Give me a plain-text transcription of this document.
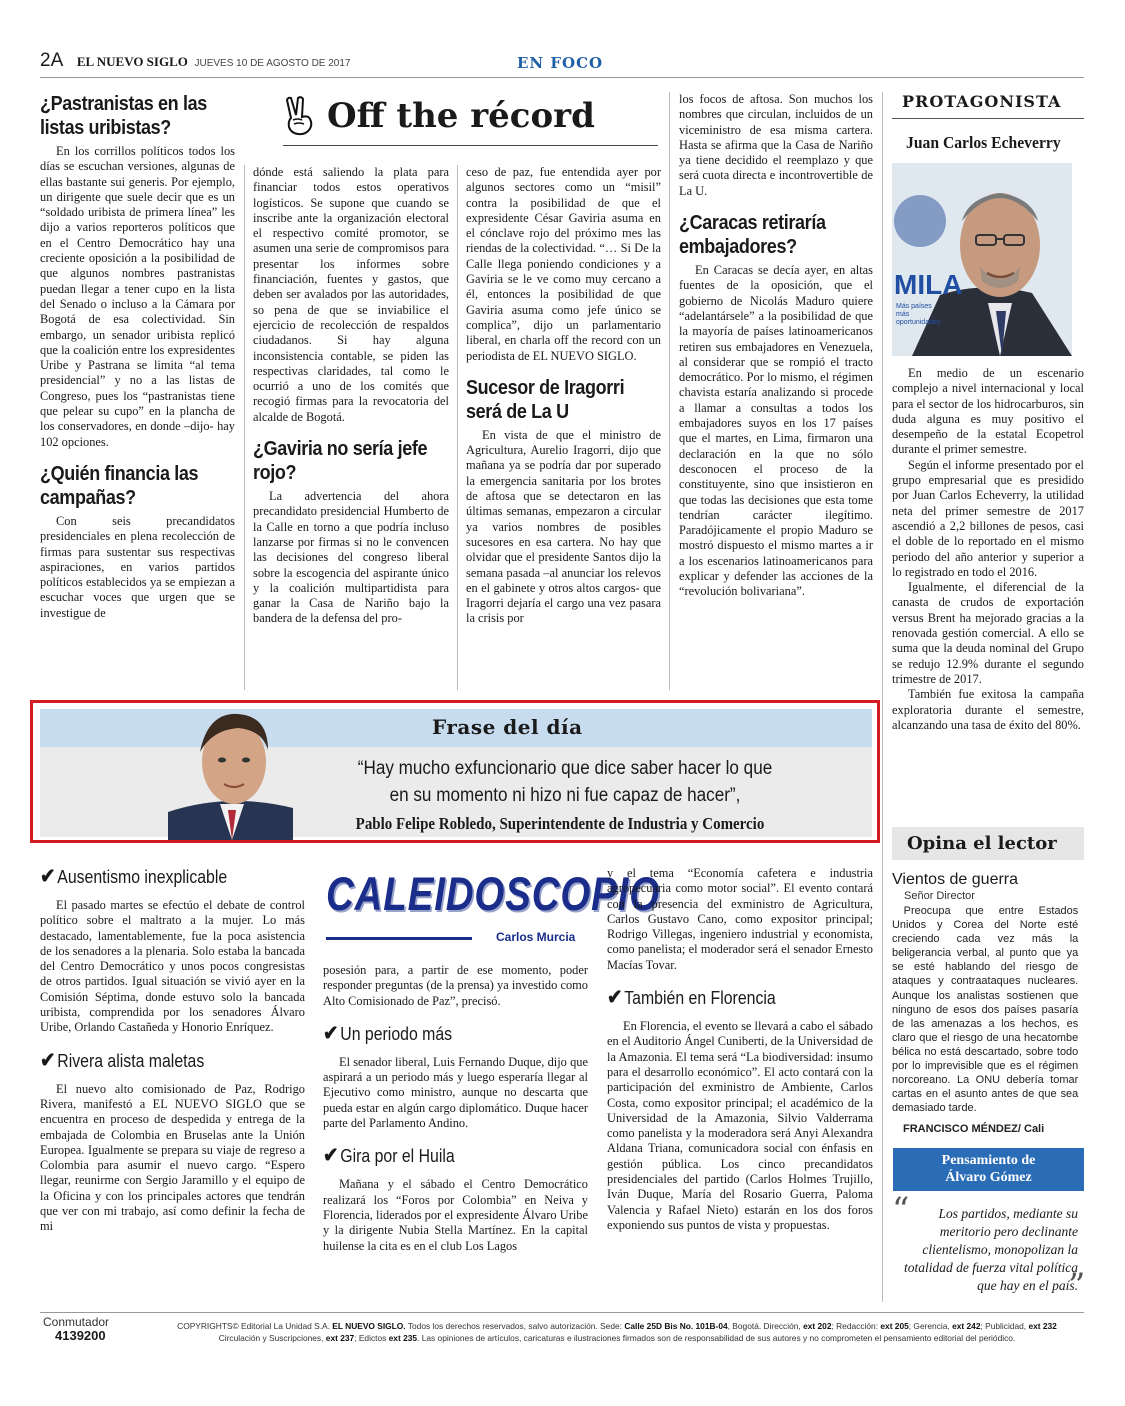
2A EL NUEVO SIGLO JUEVES 10 DE AGOSTO DE 2017	EN FOCO
Off the récord
¿Pastranistas en las listas uribistas?

En los corrillos políticos todos los días se escuchan versiones, algunas de ellas bastante sui generis. Por ejemplo, un dirigente que suele decir que es un “soldado uribista de primera línea” les dijo a varios reporteros políticos que en el Centro Democrático hay una creciente oposición a la posibilidad de que algunos nombres pastranistas puedan llegar a tener cupo en la lista del Senado o incluso a la Cámara por Bogotá de esa colectividad. Sin embargo, un senador uribista replicó que la coalición entre los expresidentes Uribe y Pastrana se limita “al tema presidencial” y no a las listas de Congreso, pues los “pastranistas tiene que pelear su cupo” en la plancha de los conservadores, en donde –dijo- hay 102 opciones.

¿Quién financia las campañas?

Con seis precandidatos presidenciales en plena recolección de firmas para sustentar sus respectivas aspiraciones, en varios partidos políticos establecidos ya se empiezan a escuchar voces que urgen que se investigue de

dónde está saliendo la plata para financiar todos estos operativos logísticos. Se supone que cuando se inscribe ante la organización electoral el respectivo comité promotor, se asumen una serie de compromisos para presentar los informes sobre financiación, fuentes y gastos, que deben ser avalados por las autoridades, so pena de que se inviabilice el ejercicio de recolección de respaldos ciudadanos. Si hay alguna inconsistencia contable, se piden las respectivas claridades, tal como le ocurrió a uno de los comités que recogió firmas para la revocatoria del alcalde de Bogotá.

¿Gaviria no sería jefe rojo?

La advertencia del ahora precandidato presidencial Humberto de la Calle en torno a que podría incluso lanzarse por firmas si no le convencen las decisiones del congreso liberal sobre la escogencia del aspirante único y la coalición multipartidista para ganar la Casa de Nariño bajo la bandera de la defensa del pro-

ceso de paz, fue entendida ayer por algunos sectores como un “misil” contra la posibilidad de que el expresidente César Gaviria asuma en el cónclave rojo del próximo mes las riendas de la colectividad. “… Si De la Calle llega poniendo condiciones y a Gaviria se le ve como muy cercano a él, entonces la posibilidad de que Gaviria asuma como jefe único se complica”, dijo un parlamentario liberal, en charla off the record con un periodista de EL NUEVO SIGLO.

Sucesor de Iragorri será de La U

En vista de que el ministro de Agricultura, Aurelio Iragorri, dijo que mañana ya se podría dar por superado la emergencia sanitaria por los brotes de aftosa que se detectaron en las últimas semanas, empezaron a circular ya varios nombres de posibles sucesores en esa cartera. No hay que olvidar que el presidente Santos dijo la semana pasada –al anunciar los relevos en el gabinete y otros altos cargos- que Iragorri dejaría el cargo una vez pasara la crisis por

los focos de aftosa. Son muchos los nombres que circulan, incluidos de un viceministro de esa misma cartera. Hasta se afirma que la Casa de Nariño ya tiene decidido el reemplazo y que será cuota directa e incontrovertible de La U.

¿Caracas retiraría embajadores?

En Caracas se decía ayer, en altas fuentes de la oposición, que el gobierno de Nicolás Maduro quiere “adelantársele” a la posibilidad de que la mayoría de países latinoamericanos retiren sus embajadores en Venezuela, al considerar que se rompió el tracto democrático. Por lo mismo, el régimen chavista estaría analizando si procede a llamar a consultas a todos los embajadores suyos en los 17 países que el martes, en Lima, firmaron una declaración en la que no sólo desconocen el proceso de la constituyente, sino que insistieron en que todas las decisiones que esta tome tendrían carácter ilegítimo. Paradójicamente el propio Maduro se mostró dispuesto el mismo martes a ir a los escenarios latinoamericanos para explicar y defender las acciones de la “revolución bolivariana”.

PROTAGONISTA
Juan Carlos Echeverry
MILA
Más países más oportunidades

En medio de un escenario complejo a nivel internacional y local para el sector de los hidrocarburos, sin duda alguna es muy positivo el desempeño de la estatal Ecopetrol durante el primer semestre.

Según el informe presentado por el grupo empresarial que es presidido por Juan Carlos Echeverry, la utilidad neta del primer semestre de 2017 ascendió a 2,2 billones de pesos, casi el doble de lo reportado en el mismo periodo del año anterior y superior a lo registrado en todo el 2016.

Igualmente, el diferencial de la canasta de crudos de exportación versus Brent ha mejorado gracias a la renovada gestión comercial. A ello se suma que la deuda nominal del Grupo se redujo 12.9% durante el segundo trimestre de 2017.

También fue exitosa la campaña exploratoria durante el semestre, alcanzando una tasa de éxito del 80%.

Frase del día
“Hay mucho exfuncionario que dice saber hacer lo que
en su momento ni hizo ni fue capaz de hacer”,
Pablo Felipe Robledo, Superintendente de Industria y Comercio
✔Ausentismo inexplicable

El pasado martes se efectúo el debate de control político sobre el maltrato a la mujer. Lo más destacado, lamentablemente, fue la poca asistencia de los senadores a la plenaria. Solo estaba la bancada del Centro Democrático y unos pocos congresistas de otros partidos. Igual situación se vivió ayer en la Comisión Séptima, donde estuvo solo la bancada uribista, comprendida por los senadores Álvaro Uribe, Orlando Castañeda y Honorio Enríquez.

✔Rivera alista maletas

El nuevo alto comisionado de Paz, Rodrigo Rivera, manifestó a EL NUEVO SIGLO que se encuentra en proceso de despedida y entrega de la embajada de Colombia en Bruselas ante la Unión Europea. Igualmente se prepara su viaje de regreso a Colombia para asumir el nuevo cargo. “Espero llegar, reunirme con Sergio Jaramillo y el equipo de la Oficina y con los principales actores que tendrán que ver con mi trabajo, así como definir la fecha de mi

CALEIDOSCOPIO
Carlos Murcia

posesión para, a partir de ese momento, poder responder preguntas (de la prensa) ya investido como Alto Comisionado de Paz”, precisó.

✔Un periodo más

El senador liberal, Luis Fernando Duque, dijo que aspirará a un periodo más y luego esperaría llegar al Ejecutivo como ministro, aunque no descarta que pueda estar en algún cargo diplomático. Duque hacer parte del Parlamento Andino.

✔Gira por el Huila

Mañana y el sábado el Centro Democrático realizará los “Foros por Colombia” en Neiva y Florencia, liderados por el expresidente Álvaro Uribe y la dirigente Nubia Stella Martínez. En la capital huilense la cita es en el club Los Lagos

y el tema “Economía cafetera e industria agropecuaria como motor social”. El evento contará con la presencia del exministro de Agricultura, Carlos Gustavo Cano, como expositor principal; Rodrigo Villegas, ingeniero industrial y economista, como panelista; el moderador será el senador Ernesto Macías Tovar.

✔También en Florencia

En Florencia, el evento se llevará a cabo el sábado en el Auditorio Ángel Cuniberti, de la Universidad de la Amazonia. El tema será “La biodiversidad: insumo para el desarrollo económico”. El acto contará con la participación del exministro de Ambiente, Carlos Costa, como expositor principal; el académico de la Universidad de la Amazonia, Silvio Valderrama como panelista y la moderadora será Anyi Alexandra Aldana Triana, comunicadora social con énfasis en gestión pública. Los cinco precandidatos presidenciales del partido (Carlos Holmes Trujillo, Iván Duque, María del Rosario Guerra, Paloma Valencia y Rafael Nieto) estarán en los dos foros exponiendo sus puntos de vista y propuestas.

Opina el lector
Vientos de guerra
Señor Director

Preocupa que entre Estados Unidos y Corea del Norte esté creciendo cada vez más la beligerancia verbal, al punto que ya se esté hablando del riesgo de ataques y contraataques nucleares. Aunque los analistas sostienen que ninguno de esos dos países pasaría de las amenazas a los hechos, es claro que el riesgo de una hecatombe bélica no está descartado, sobre todo por lo imprevisible que es el régimen norcoreano. La ONU debería tomar cartas en el asunto antes de que sea demasiado tarde.

FRANCISCO MÉNDEZ/ Cali
Pensamiento de
Álvaro Gómez
“	Los partidos, mediante su meritorio pero declinante clientelismo, monopolizan la totalidad de fuerza vital política que hay en el país.
”
Conmutador
4139200
COPYRIGHTS© Editorial La Unidad S.A. EL NUEVO SIGLO. Todos los derechos reservados, salvo autorización. Sede: Calle 25D Bis No. 101B-04, Bogotá. Dirección, ext 202; Redacción: ext 205; Gerencia, ext 242; Publicidad, ext 232
Circulación y Suscripciones, ext 237; Edictos ext 235. Las opiniones de artículos, caricaturas e ilustraciones firmados son de responsabilidad de sus autores y no comprometen el pensamiento editorial del periódico.
